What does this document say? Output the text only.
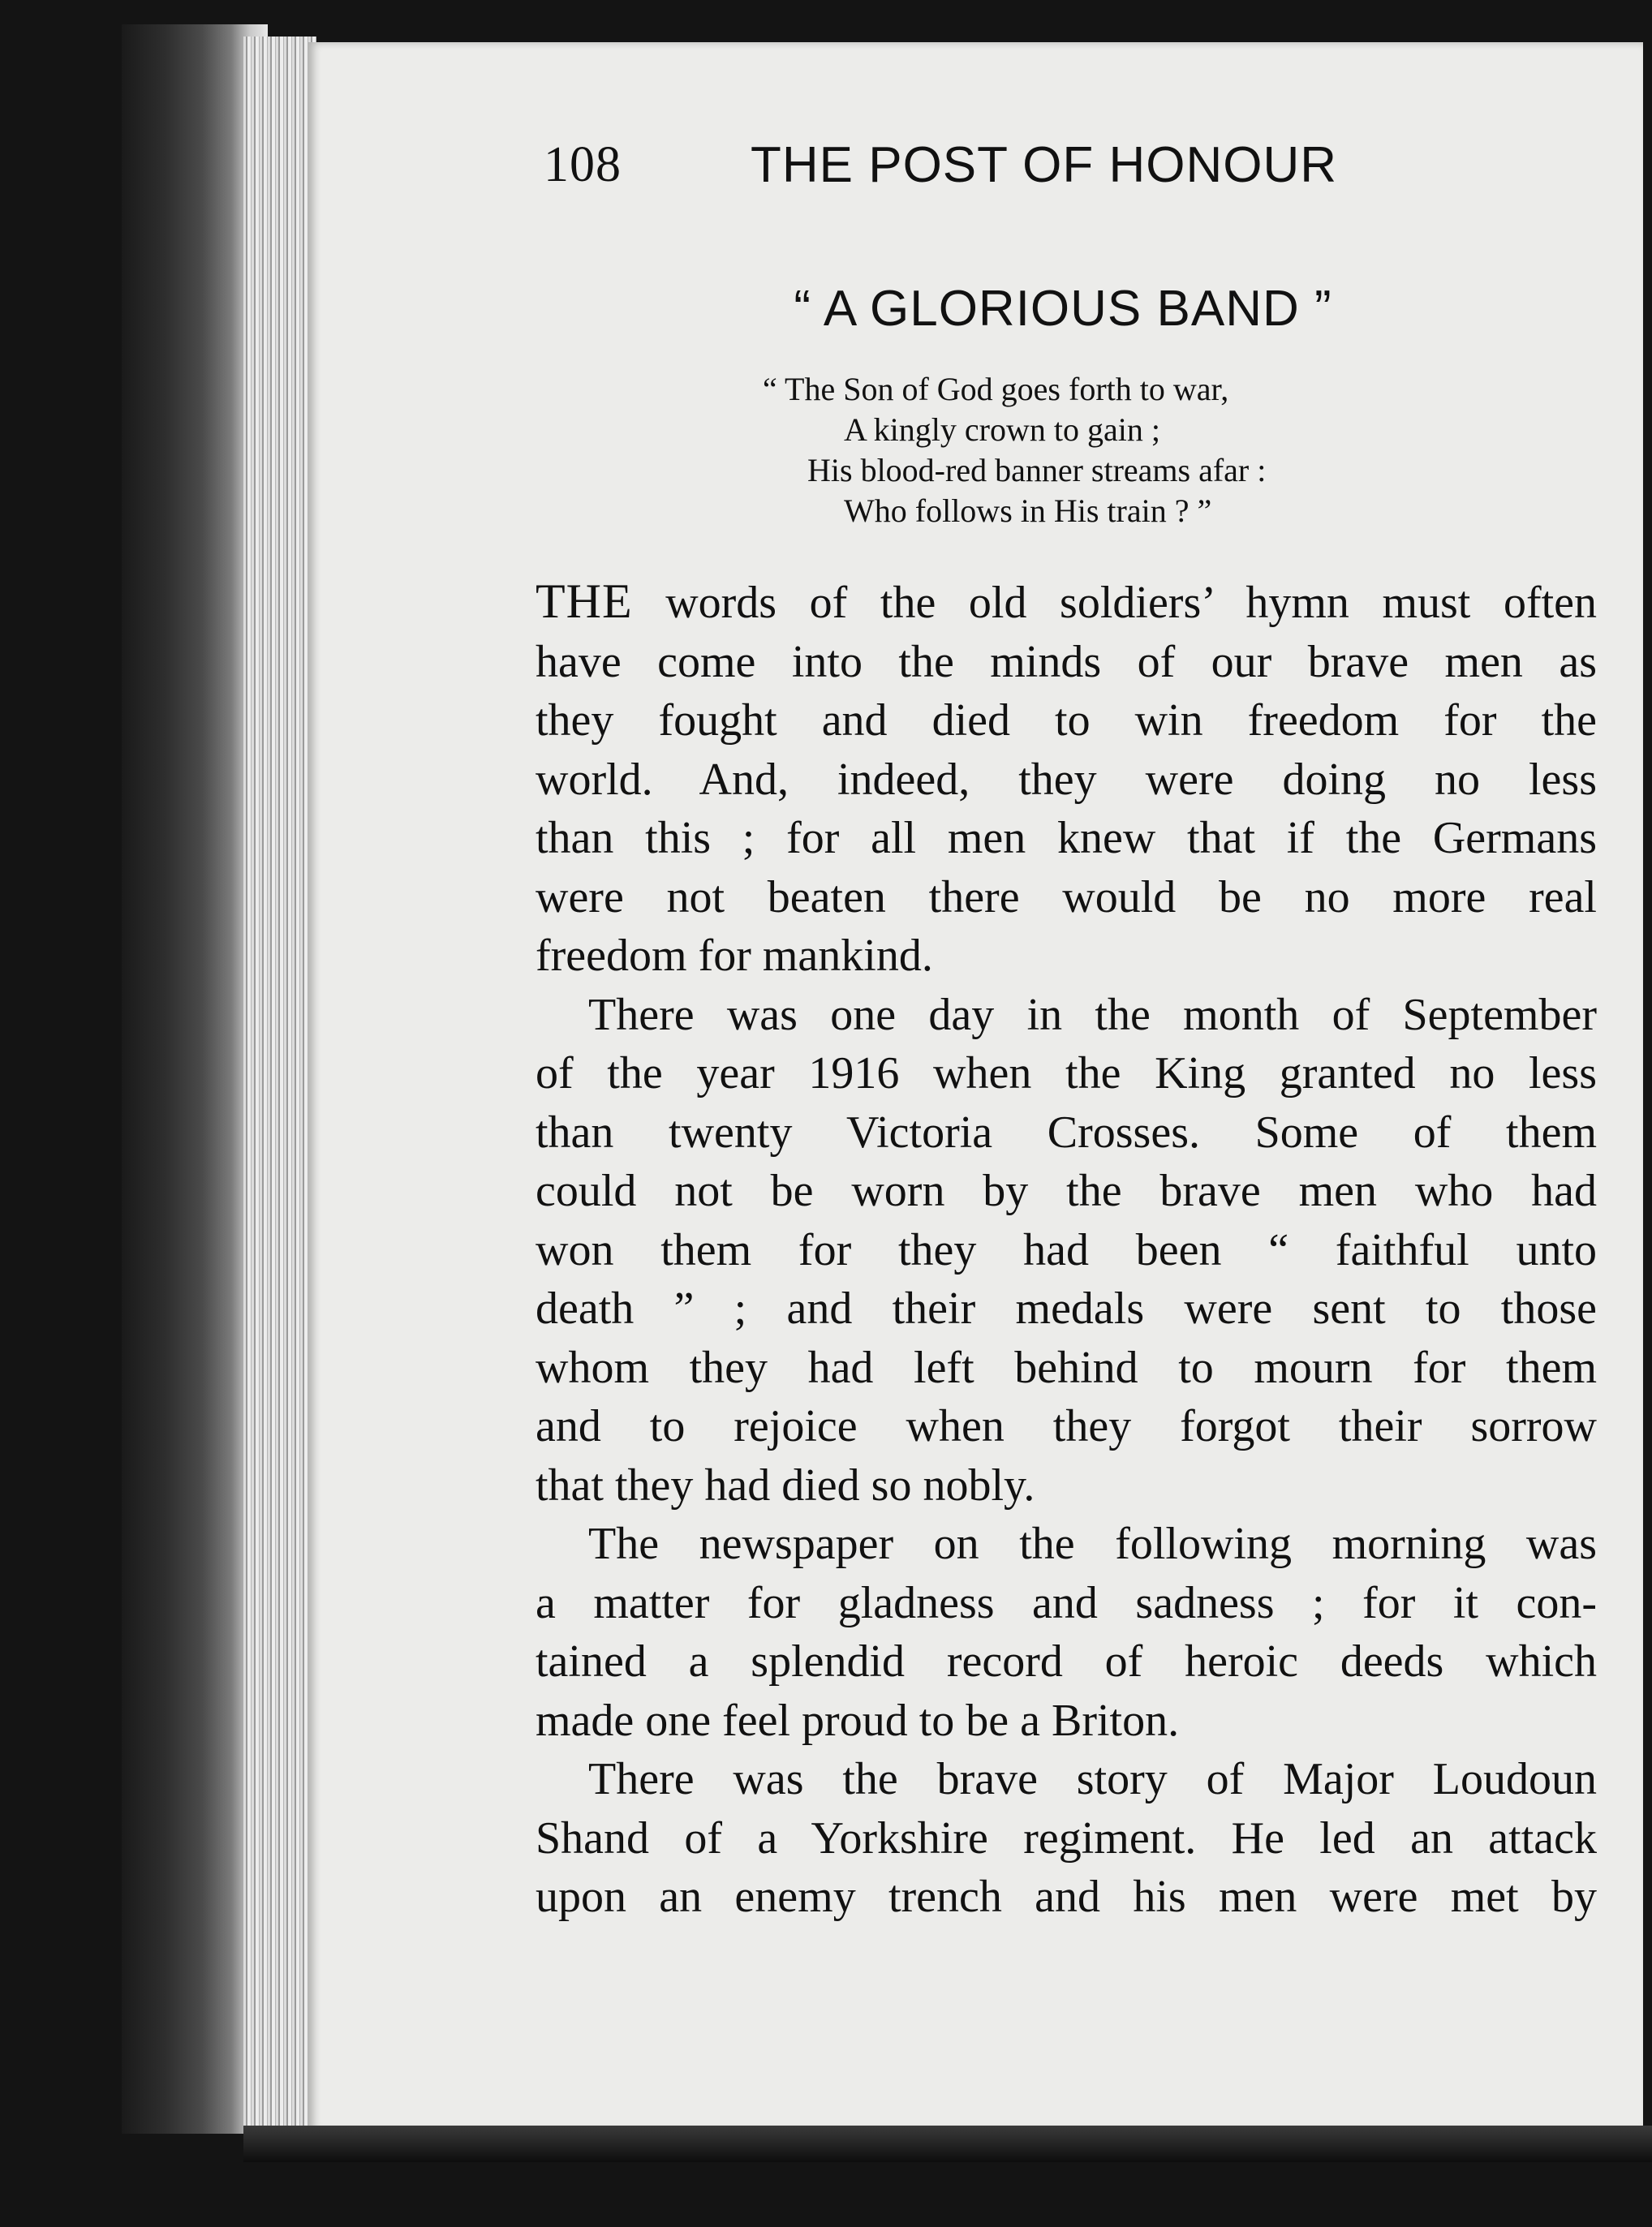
108	THE POST OF HONOUR
“ A GLORIOUS BAND ”
“ The Son of God goes forth to war,
A kingly crown to gain ;
His blood-red banner streams afar :
Who follows in His train ? ”
THE words of the old soldiers’ hymn must often
have come into the minds of our brave men as
they fought and died to win freedom for the
world. And, indeed, they were doing no less
than this ; for all men knew that if the Germans
were not beaten there would be no more real
freedom for mankind.
There was one day in the month of September
of the year 1916 when the King granted no less
than twenty Victoria Crosses. Some of them
could not be worn by the brave men who had
won them for they had been “ faithful unto
death ” ; and their medals were sent to those
whom they had left behind to mourn for them
and to rejoice when they forgot their sorrow
that they had died so nobly.
The newspaper on the following morning was
a matter for gladness and sadness ; for it con-
tained a splendid record of heroic deeds which
made one feel proud to be a Briton.
There was the brave story of Major Loudoun
Shand of a Yorkshire regiment. He led an attack
upon an enemy trench and his men were met by
